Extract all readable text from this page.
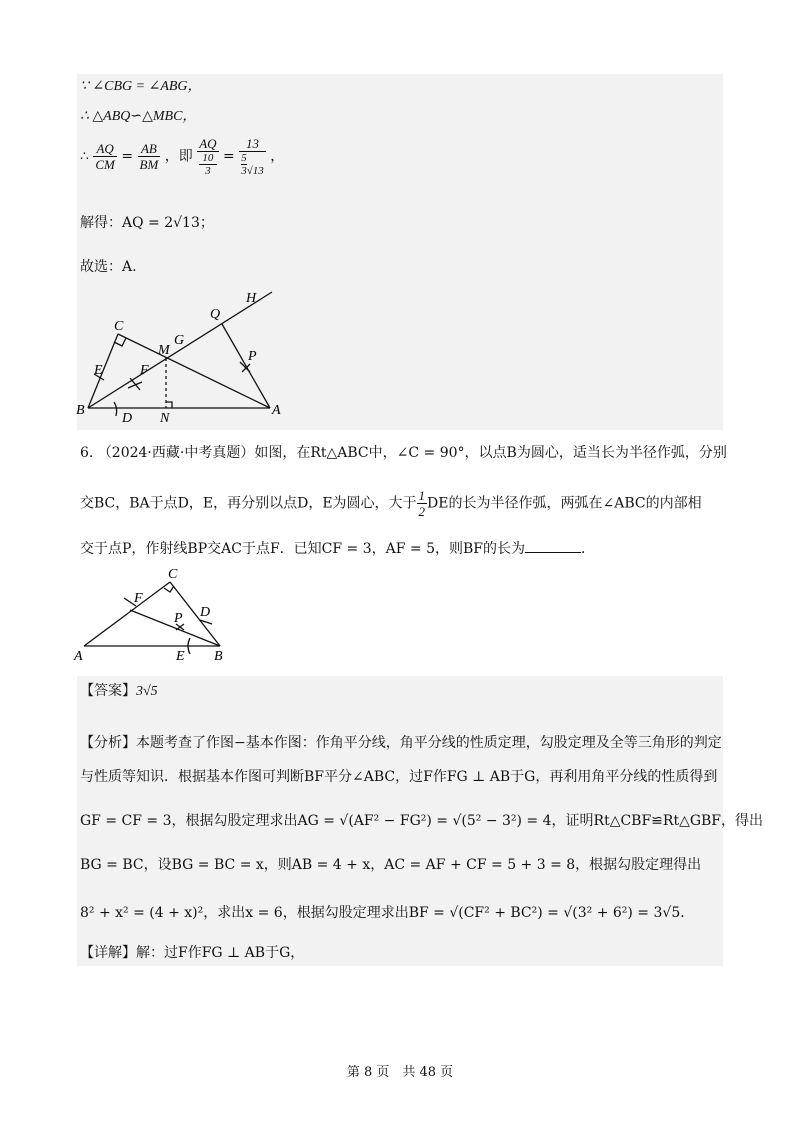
∵ ∠CBG = ∠ABG，
∴ △ABQ∽△MBC，
∴ $\frac{AQ}{CM} = \frac{AB}{BM}$ ，即 AQ
10
$3 = \frac{13}{\frac{5}{3} √13}$ ，
解得：AQ = 2√13；
故选：A.
C
H
Q
G
M	P
E	F
B
D N
A
6. （2024·西藏·中考真题）如图，在Rt△ABC中，∠C = 90°，以点B为圆心，适当长为半径作弧，分别
交BC，BA于点D，E，再分别以点D，E为圆心，大于 $\frac{1}{2}$ DE的长为半径作弧，两弧在∠ABC的内部相
交于点P，作射线BP交AC于点F．已知CF = 3，AF = 5，则BF的长为	．
C
F
D
P
A	E B
【答案】3√5
【分析】本题考查了作图−基本作图：作角平分线，角平分线的性质定理，勾股定理及全等三角形的判定
与性质等知识．根据基本作图可判断BF平分∠ABC，过F作FG ⊥ AB于G，再利用角平分线的性质得到
GF = CF = 3，根据勾股定理求出AG = √(AF² − FG²) = √(5² − 3²) = 4，证明Rt△CBF≌Rt△GBF，得出
BG = BC，设BG = BC = x，则AB = 4 + x，AC = AF + CF = 5 + 3 = 8，根据勾股定理得出
8² + x² = (4 + x)²，求出x = 6，根据勾股定理求出BF = √(CF² + BC²) = √(3² + 6²) = 3√5．
【详解】解：过F作FG ⊥ AB于G，
第 8 页　共 48 页
